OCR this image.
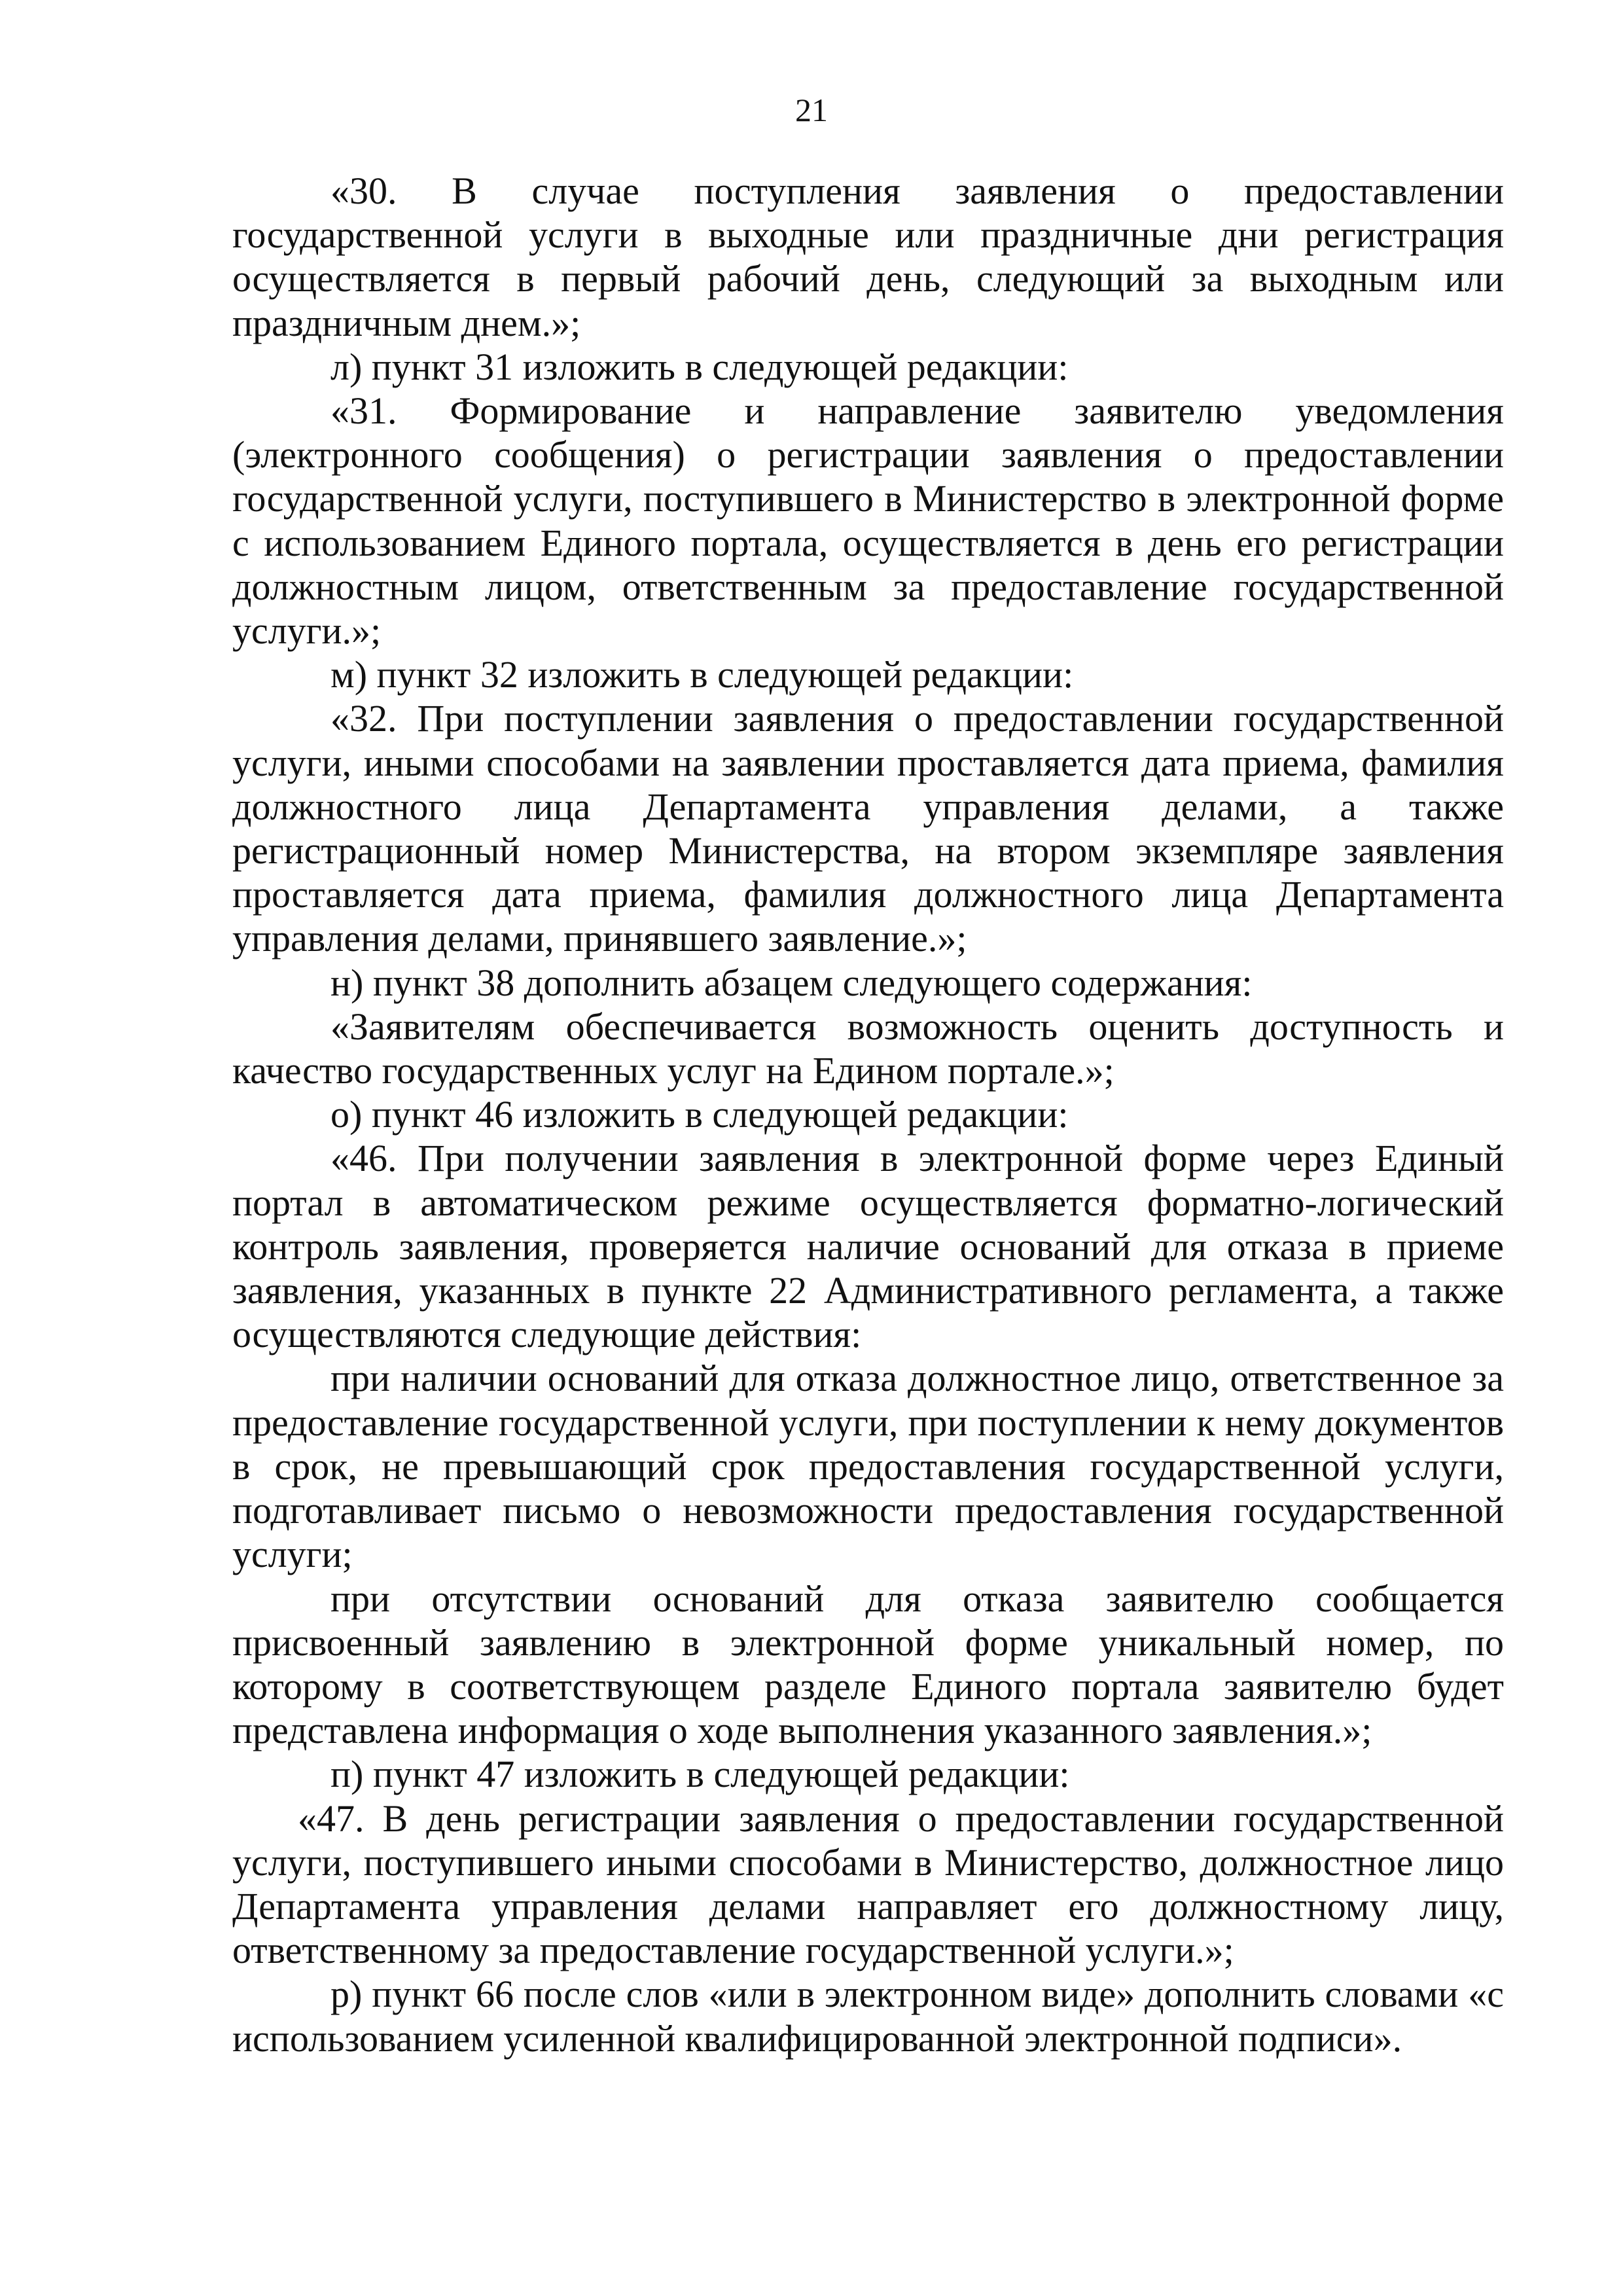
21

«30. В случае поступления заявления о предоставлении государственной услуги в выходные или праздничные дни регистрация осуществляется в первый рабочий день, следующий за выходным или праздничным днем.»;

л) пункт 31 изложить в следующей редакции:

«31. Формирование и направление заявителю уведомления (электронного сообщения) о регистрации заявления о предоставлении государственной услуги, поступившего в Министерство в электронной форме с использованием Единого портала, осуществляется в день его регистрации должностным лицом, ответственным за предоставление государственной услуги.»;

м) пункт 32 изложить в следующей редакции:

«32. При поступлении заявления о предоставлении государственной услуги, иными способами на заявлении проставляется дата приема, фамилия должностного лица Департамента управления делами, а также регистрационный номер Министерства, на втором экземпляре заявления проставляется дата приема, фамилия должностного лица Департамента управления делами, принявшего заявление.»;

н) пункт 38 дополнить абзацем следующего содержания:

«Заявителям обеспечивается возможность оценить доступность и качество государственных услуг на Едином портале.»;

о) пункт 46 изложить в следующей редакции:

«46. При получении заявления в электронной форме через Единый портал в автоматическом режиме осуществляется форматно-логический контроль заявления, проверяется наличие оснований для отказа в приеме заявления, указанных в пункте 22 Административного регламента, а также осуществляются следующие действия:

при наличии оснований для отказа должностное лицо, ответственное за предоставление государственной услуги, при поступлении к нему документов в срок, не превышающий срок предоставления государственной услуги, подготавливает письмо о невозможности предоставления государственной услуги;

при отсутствии оснований для отказа заявителю сообщается присвоенный заявлению в электронной форме уникальный номер, по которому в соответствующем разделе Единого портала заявителю будет представлена информация о ходе выполнения указанного заявления.»;

п) пункт 47 изложить в следующей редакции:

«47. В день регистрации заявления о предоставлении государственной услуги, поступившего иными способами в Министерство, должностное лицо Департамента управления делами направляет его должностному лицу, ответственному за предоставление государственной услуги.»;

р) пункт 66 после слов «или в электронном виде» дополнить словами «с использованием усиленной квалифицированной электронной подписи».
